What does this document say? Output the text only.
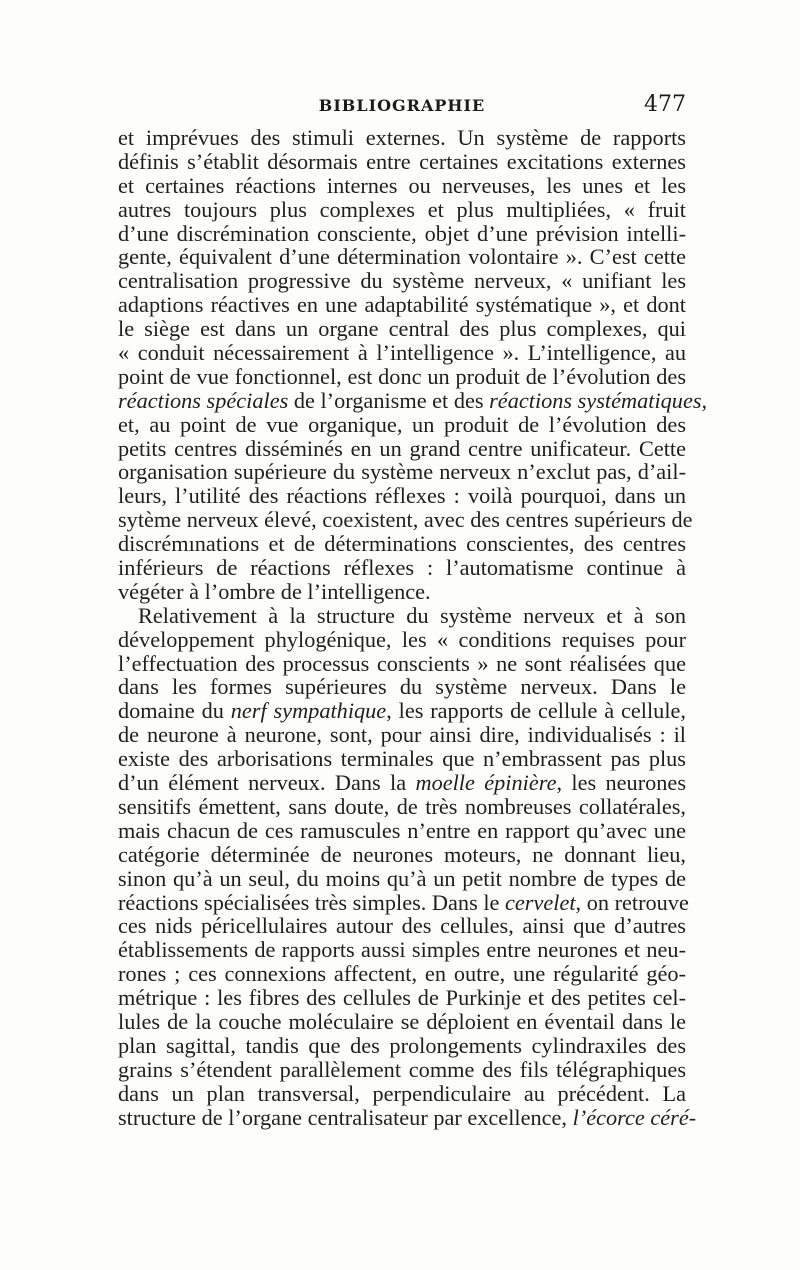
BIBLIOGRAPHIE	477
et imprévues des stimuli externes. Un système de rapports
définis s’établit désormais entre certaines excitations externes
et certaines réactions internes ou nerveuses, les unes et les
autres toujours plus complexes et plus multipliées, « fruit
d’une discrémination consciente, objet d’une prévision intelli-
gente, équivalent d’une détermination volontaire ». C’est cette
centralisation progressive du système nerveux, « unifiant les
adaptions réactives en une adaptabilité systématique », et dont
le siège est dans un organe central des plus complexes, qui
« conduit nécessairement à l’intelligence ». L’intelligence, au
point de vue fonctionnel, est donc un produit de l’évolution des
réactions spéciales de l’organisme et des réactions systématiques,
et, au point de vue organique, un produit de l’évolution des
petits centres disséminés en un grand centre unificateur. Cette
organisation supérieure du système nerveux n’exclut pas, d’ail-
leurs, l’utilité des réactions réflexes : voilà pourquoi, dans un
sytème nerveux élevé, coexistent, avec des centres supérieurs de
discrémınations et de déterminations conscientes, des centres
inférieurs de réactions réflexes : l’automatisme continue à
végéter à l’ombre de l’intelligence.
Relativement à la structure du système nerveux et à son
développement phylogénique, les « conditions requises pour
l’effectuation des processus conscients » ne sont réalisées que
dans les formes supérieures du système nerveux. Dans le
domaine du nerf sympathique, les rapports de cellule à cellule,
de neurone à neurone, sont, pour ainsi dire, individualisés : il
existe des arborisations terminales que n’embrassent pas plus
d’un élément nerveux. Dans la moelle épinière, les neurones
sensitifs émettent, sans doute, de très nombreuses collatérales,
mais chacun de ces ramuscules n’entre en rapport qu’avec une
catégorie déterminée de neurones moteurs, ne donnant lieu,
sinon qu’à un seul, du moins qu’à un petit nombre de types de
réactions spécialisées très simples. Dans le cervelet, on retrouve
ces nids péricellulaires autour des cellules, ainsi que d’autres
établissements de rapports aussi simples entre neurones et neu-
rones ; ces connexions affectent, en outre, une régularité géo-
métrique : les fibres des cellules de Purkinje et des petites cel-
lules de la couche moléculaire se déploient en éventail dans le
plan sagittal, tandis que des prolongements cylindraxiles des
grains s’étendent parallèlement comme des fils télégraphiques
dans un plan transversal, perpendiculaire au précédent. La
structure de l’organe centralisateur par excellence, l’écorce céré-
